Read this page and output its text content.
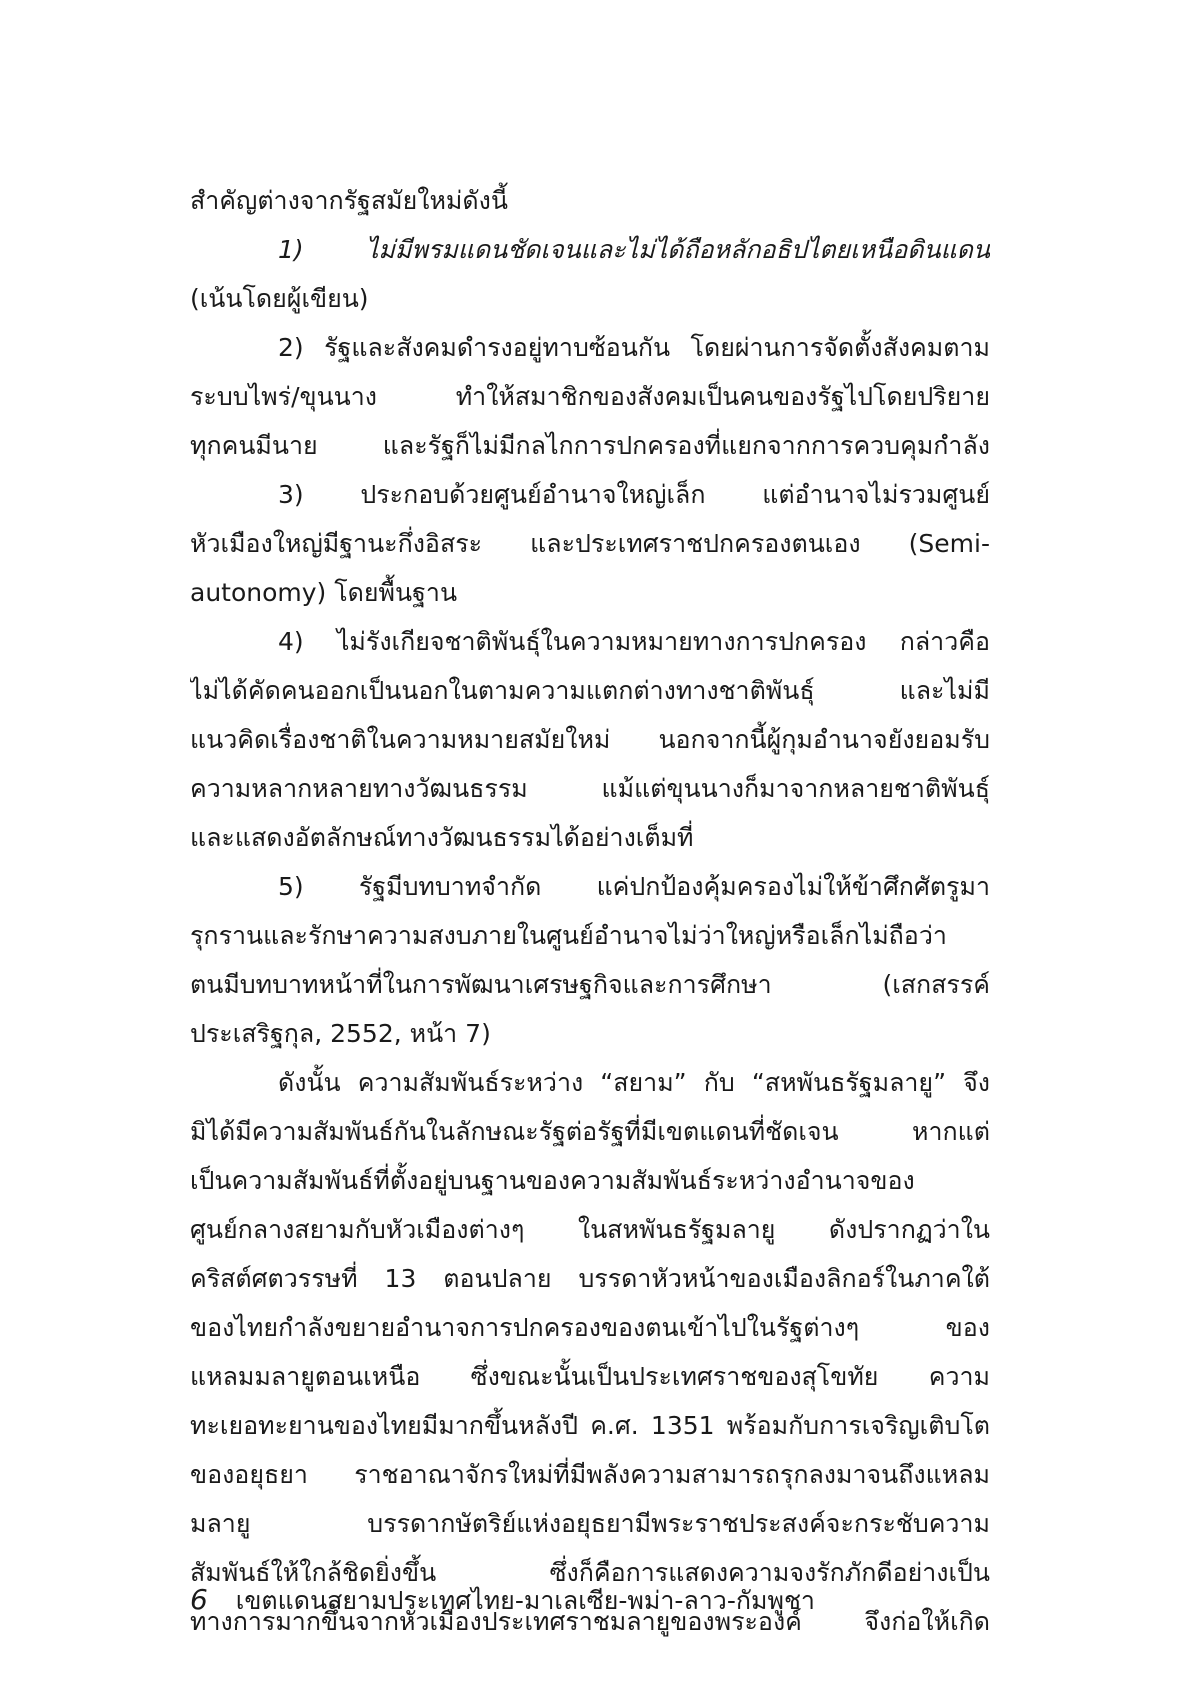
สำคัญต่างจากรัฐสมัยใหม่ดังนี้
1) ไม่มีพรมแดนชัดเจนและไม่ได้ถือหลักอธิปไตยเหนือดินแดน
(เน้นโดยผู้เขียน)
2) รัฐและสังคมดำรงอยู่ทาบซ้อนกัน โดยผ่านการจัดตั้งสังคมตาม
ระบบไพร่/ขุนนาง ทำให้สมาชิกของสังคมเป็นคนของรัฐไปโดยปริยาย
ทุกคนมีนาย และรัฐก็ไม่มีกลไกการปกครองที่แยกจากการควบคุมกำลัง
3) ประกอบด้วยศูนย์อำนาจใหญ่เล็ก แต่อำนาจไม่รวมศูนย์
หัวเมืองใหญ่มีฐานะกึ่งอิสระ และประเทศราชปกครองตนเอง (Semi-
autonomy) โดยพื้นฐาน
4) ไม่รังเกียจชาติพันธุ์ในความหมายทางการปกครอง กล่าวคือ
ไม่ได้คัดคนออกเป็นนอกในตามความแตกต่างทางชาติพันธุ์ และไม่มี
แนวคิดเรื่องชาติในความหมายสมัยใหม่ นอกจากนี้ผู้กุมอำนาจยังยอมรับ
ความหลากหลายทางวัฒนธรรม แม้แต่ขุนนางก็มาจากหลายชาติพันธุ์
และแสดงอัตลักษณ์ทางวัฒนธรรมได้อย่างเต็มที่
5) รัฐมีบทบาทจำกัด แค่ปกป้องคุ้มครองไม่ให้ข้าศึกศัตรูมา
รุกรานและรักษาความสงบภายในศูนย์อำนาจไม่ว่าใหญ่หรือเล็กไม่ถือว่า
ตนมีบทบาทหน้าที่ในการพัฒนาเศรษฐกิจและการศึกษา (เสกสรรค์
ประเสริฐกุล, 2552, หน้า 7)
ดังนั้น ความสัมพันธ์ระหว่าง “สยาม” กับ “สหพันธรัฐมลายู” จึง
มิได้มีความสัมพันธ์กันในลักษณะรัฐต่อรัฐที่มีเขตแดนที่ชัดเจน หากแต่
เป็นความสัมพันธ์ที่ตั้งอยู่บนฐานของความสัมพันธ์ระหว่างอำนาจของ
ศูนย์กลางสยามกับหัวเมืองต่างๆ ในสหพันธรัฐมลายู ดังปรากฏว่าใน
คริสต์ศตวรรษที่ 13 ตอนปลาย บรรดาหัวหน้าของเมืองลิกอร์ในภาคใต้
ของไทยกำลังขยายอำนาจการปกครองของตนเข้าไปในรัฐต่างๆ ของ
แหลมมลายูตอนเหนือ ซึ่งขณะนั้นเป็นประเทศราชของสุโขทัย ความ
ทะเยอทะยานของไทยมีมากขึ้นหลังปี ค.ศ. 1351 พร้อมกับการเจริญเติบโต
ของอยุธยา ราชอาณาจักรใหม่ที่มีพลังความสามารถรุกลงมาจนถึงแหลม
มลายู บรรดากษัตริย์แห่งอยุธยามีพระราชประสงค์จะกระชับความ
สัมพันธ์ให้ใกล้ชิดยิ่งขึ้น ซึ่งก็คือการแสดงความจงรักภักดีอย่างเป็น
ทางการมากขึ้นจากหัวเมืองประเทศราชมลายูของพระองค์ จึงก่อให้เกิด
6 เขตแดนสยามประเทศไทย-มาเลเซีย-พม่า-ลาว-กัมพูชา
